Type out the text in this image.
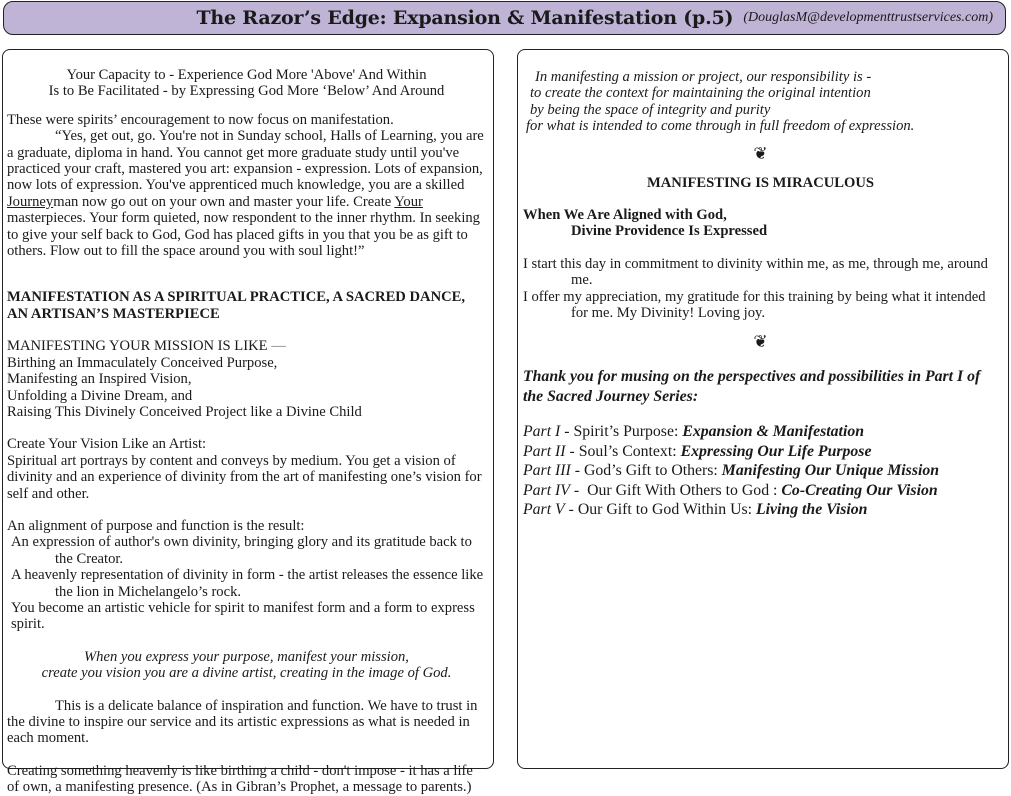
The Razor’s Edge: Expansion & Manifestation (p.5) (DouglasM@developmenttrustservices.com)

Your Capacity to - Experience God More 'Above' And Within

Is to Be Facilitated - by Expressing God More ‘Below’ And Around

These were spirits’ encouragement to now focus on manifestation.

“Yes, get out, go. You're not in Sunday school, Halls of Learning, you are a graduate, diploma in hand. You cannot get more graduate study until you've practiced your craft, mastered you art: expansion - expression. Lots of expansion, now lots of expression. You've apprenticed much knowledge, you are a skilled Journeyman now go out on your own and master your life. Create Your masterpieces. Your form quieted, now respondent to the inner rhythm. In seeking to give your self back to God, God has placed gifts in you that you be as gift to others. Flow out to fill the space around you with soul light!”

MANIFESTATION AS A SPIRITUAL PRACTICE, A SACRED DANCE, AN ARTISAN’S MASTERPIECE

MANIFESTING YOUR MISSION IS LIKE —

Birthing an Immaculately Conceived Purpose,

Manifesting an Inspired Vision,

Unfolding a Divine Dream, and

Raising This Divinely Conceived Project like a Divine Child

Create Your Vision Like an Artist:

Spiritual art portrays by content and conveys by medium. You get a vision of divinity and an experience of divinity from the art of manifesting one’s vision for self and other.

An alignment of purpose and function is the result:

An expression of author's own divinity, bringing glory and its gratitude back to the Creator.

A heavenly representation of divinity in form - the artist releases the essence like the lion in Michelangelo’s rock.

You become an artistic vehicle for spirit to manifest form and a form to express spirit.

When you express your purpose, manifest your mission,

create you vision you are a divine artist, creating in the image of God.

This is a delicate balance of inspiration and function. We have to trust in the divine to inspire our service and its artistic expressions as what is needed in each moment.

Creating something heavenly is like birthing a child - don't impose - it has a life of own, a manifesting presence. (As in Gibran’s Prophet, a message to parents.)

In manifesting a mission or project, our responsibility is -

to create the context for maintaining the original intention

by being the space of integrity and purity

for what is intended to come through in full freedom of expression.

❦

MANIFESTING IS MIRACULOUS

When We Are Aligned with God,

Divine Providence Is Expressed

I start this day in commitment to divinity within me, as me, through me, around me.

I offer my appreciation, my gratitude for this training by being what it intended for me. My Divinity! Loving joy.

❦

Thank you for musing on the perspectives and possibilities in Part I of the Sacred Journey Series:

Part I - Spirit’s Purpose: Expansion & Manifestation

Part II - Soul’s Context: Expressing Our Life Purpose

Part III - God’s Gift to Others: Manifesting Our Unique Mission

Part IV -  Our Gift With Others to God : Co-Creating Our Vision

Part V - Our Gift to God Within Us: Living the Vision
